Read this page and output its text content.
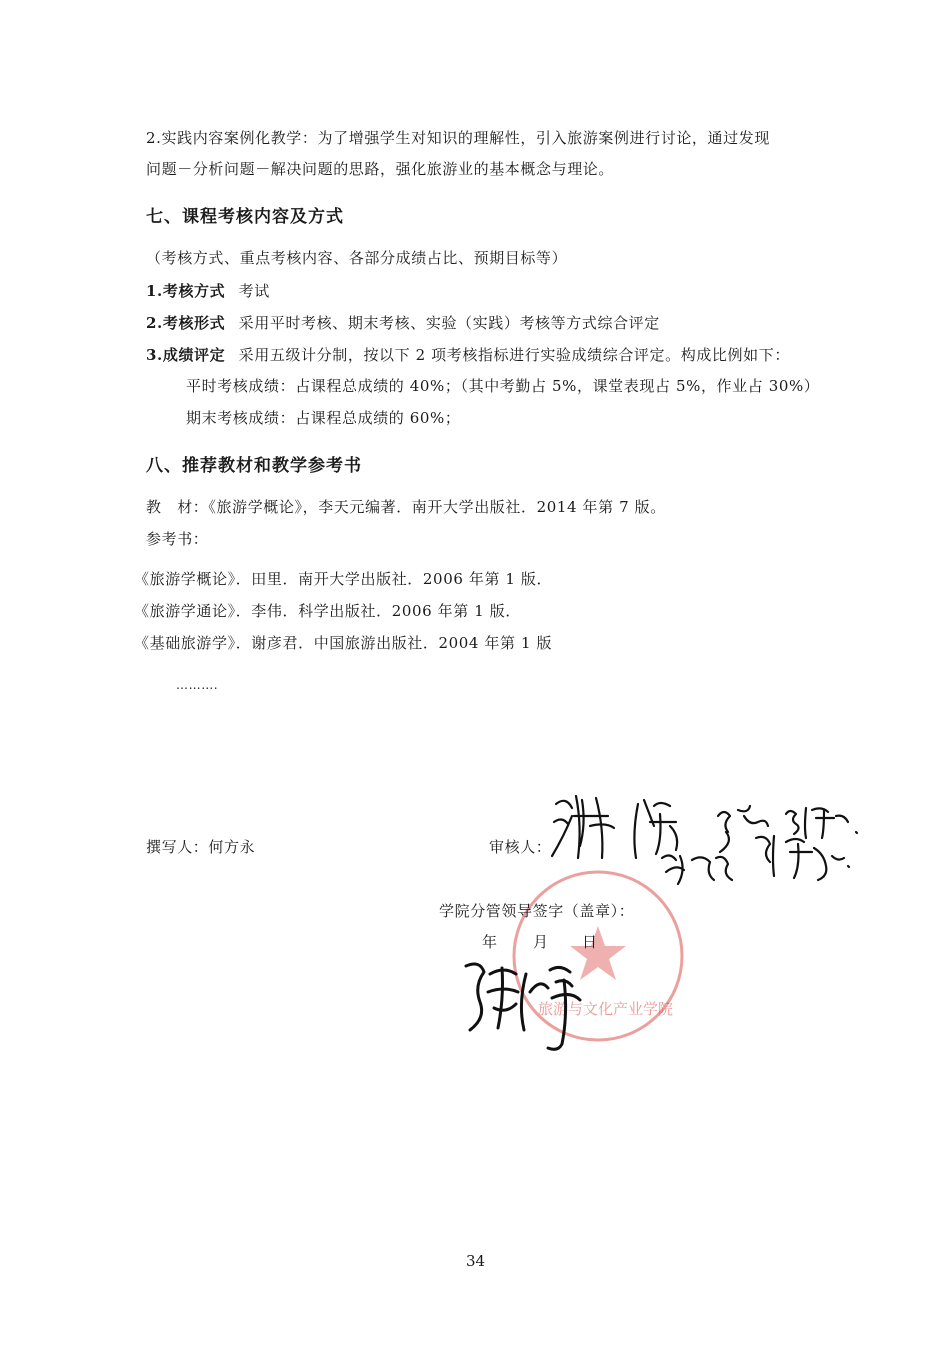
2.实践内容案例化教学：为了增强学生对知识的理解性，引入旅游案例进行讨论，通过发现
问题－分析问题－解决问题的思路，强化旅游业的基本概念与理论。
七、课程考核内容及方式
（考核方式、重点考核内容、各部分成绩占比、预期目标等）
1.考核方式 考试
2.考核形式 采用平时考核、期末考核、实验（实践）考核等方式综合评定
3.成绩评定 采用五级计分制，按以下 2 项考核指标进行实验成绩综合评定。构成比例如下：
平时考核成绩：占课程总成绩的 40%；（其中考勤占 5%，课堂表现占 5%，作业占 30%）
期末考核成绩：占课程总成绩的 60%；
八、推荐教材和教学参考书
教　材：《旅游学概论》，李天元编著．南开大学出版社．2014 年第 7 版。
参考书：
《旅游学概论》．田里．南开大学出版社．2006 年第 1 版．
《旅游学通论》．李伟．科学出版社．2006 年第 1 版．
《基础旅游学》．谢彦君．中国旅游出版社．2004 年第 1 版
……….
撰写人：何方永	审核人：
旅游与文化产业学院
学院分管领导签字（盖章）：
年 月 日
34
